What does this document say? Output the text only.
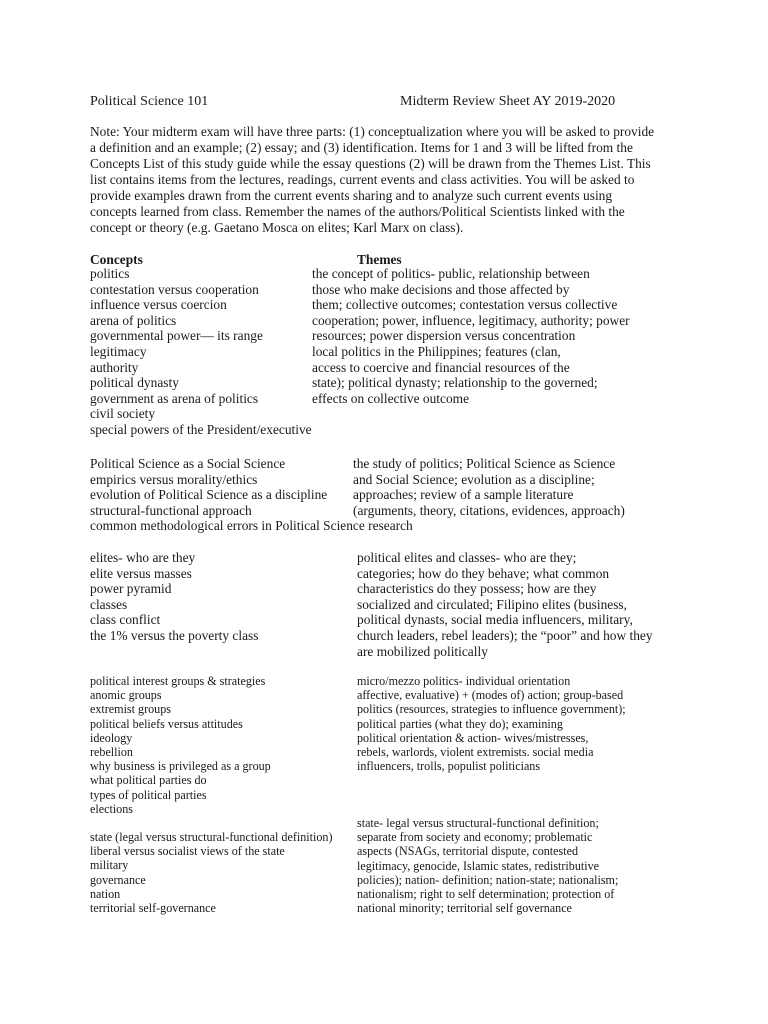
Political Science 101	Midterm Review Sheet AY 2019-2020
Note: Your midterm exam will have three parts: (1) conceptualization where you will be asked to provide
a definition and an example; (2) essay; and (3) identification. Items for 1 and 3 will be lifted from the
Concepts List of this study guide while the essay questions (2) will be drawn from the Themes List. This
list contains items from the lectures, readings, current events and class activities. You will be asked to
provide examples drawn from the current events sharing and to analyze such current events using
concepts learned from class. Remember the names of the authors/Political Scientists linked with the
concept or theory (e.g. Gaetano Mosca on elites; Karl Marx on class).
Concepts	Themes
politics
contestation versus cooperation
influence versus coercion
arena of politics
governmental power— its range
legitimacy
authority
political dynasty
government as arena of politics
civil society
special powers of the President/executive
the concept of politics- public, relationship between
those who make decisions and those affected by
them; collective outcomes; contestation versus collective
cooperation; power, influence, legitimacy, authority; power
resources; power dispersion versus concentration
local politics in the Philippines; features (clan,
access to coercive and financial resources of the
state); political dynasty; relationship to the governed;
effects on collective outcome
Political Science as a Social Science
empirics versus morality/ethics
evolution of Political Science as a discipline
structural-functional approach
common methodological errors in Political Science research
the study of politics; Political Science as Science
and Social Science; evolution as a discipline;
approaches; review of a sample literature
(arguments, theory, citations, evidences, approach)
elites- who are they
elite versus masses
power pyramid
classes
class conflict
the 1% versus the poverty class
political elites and classes- who are they;
categories; how do they behave; what common
characteristics do they possess; how are they
socialized and circulated; Filipino elites (business,
political dynasts, social media influencers, military,
church leaders, rebel leaders); the “poor” and how they
are mobilized politically
political interest groups & strategies
anomic groups
extremist groups
political beliefs versus attitudes
ideology
rebellion
why business is privileged as a group
what political parties do
types of political parties
elections
micro/mezzo politics- individual orientation
affective, evaluative) + (modes of) action; group-based
politics (resources, strategies to influence government);
political parties (what they do); examining
political orientation & action- wives/mistresses,
rebels, warlords, violent extremists. social media
influencers, trolls, populist politicians
state (legal versus structural-functional definition)
liberal versus socialist views of the state
military
governance
nation
territorial self-governance
state- legal versus structural-functional definition;
separate from society and economy; problematic
aspects (NSAGs, territorial dispute, contested
legitimacy, genocide, Islamic states, redistributive
policies); nation- definition; nation-state; nationalism;
nationalism; right to self determination; protection of
national minority; territorial self governance
